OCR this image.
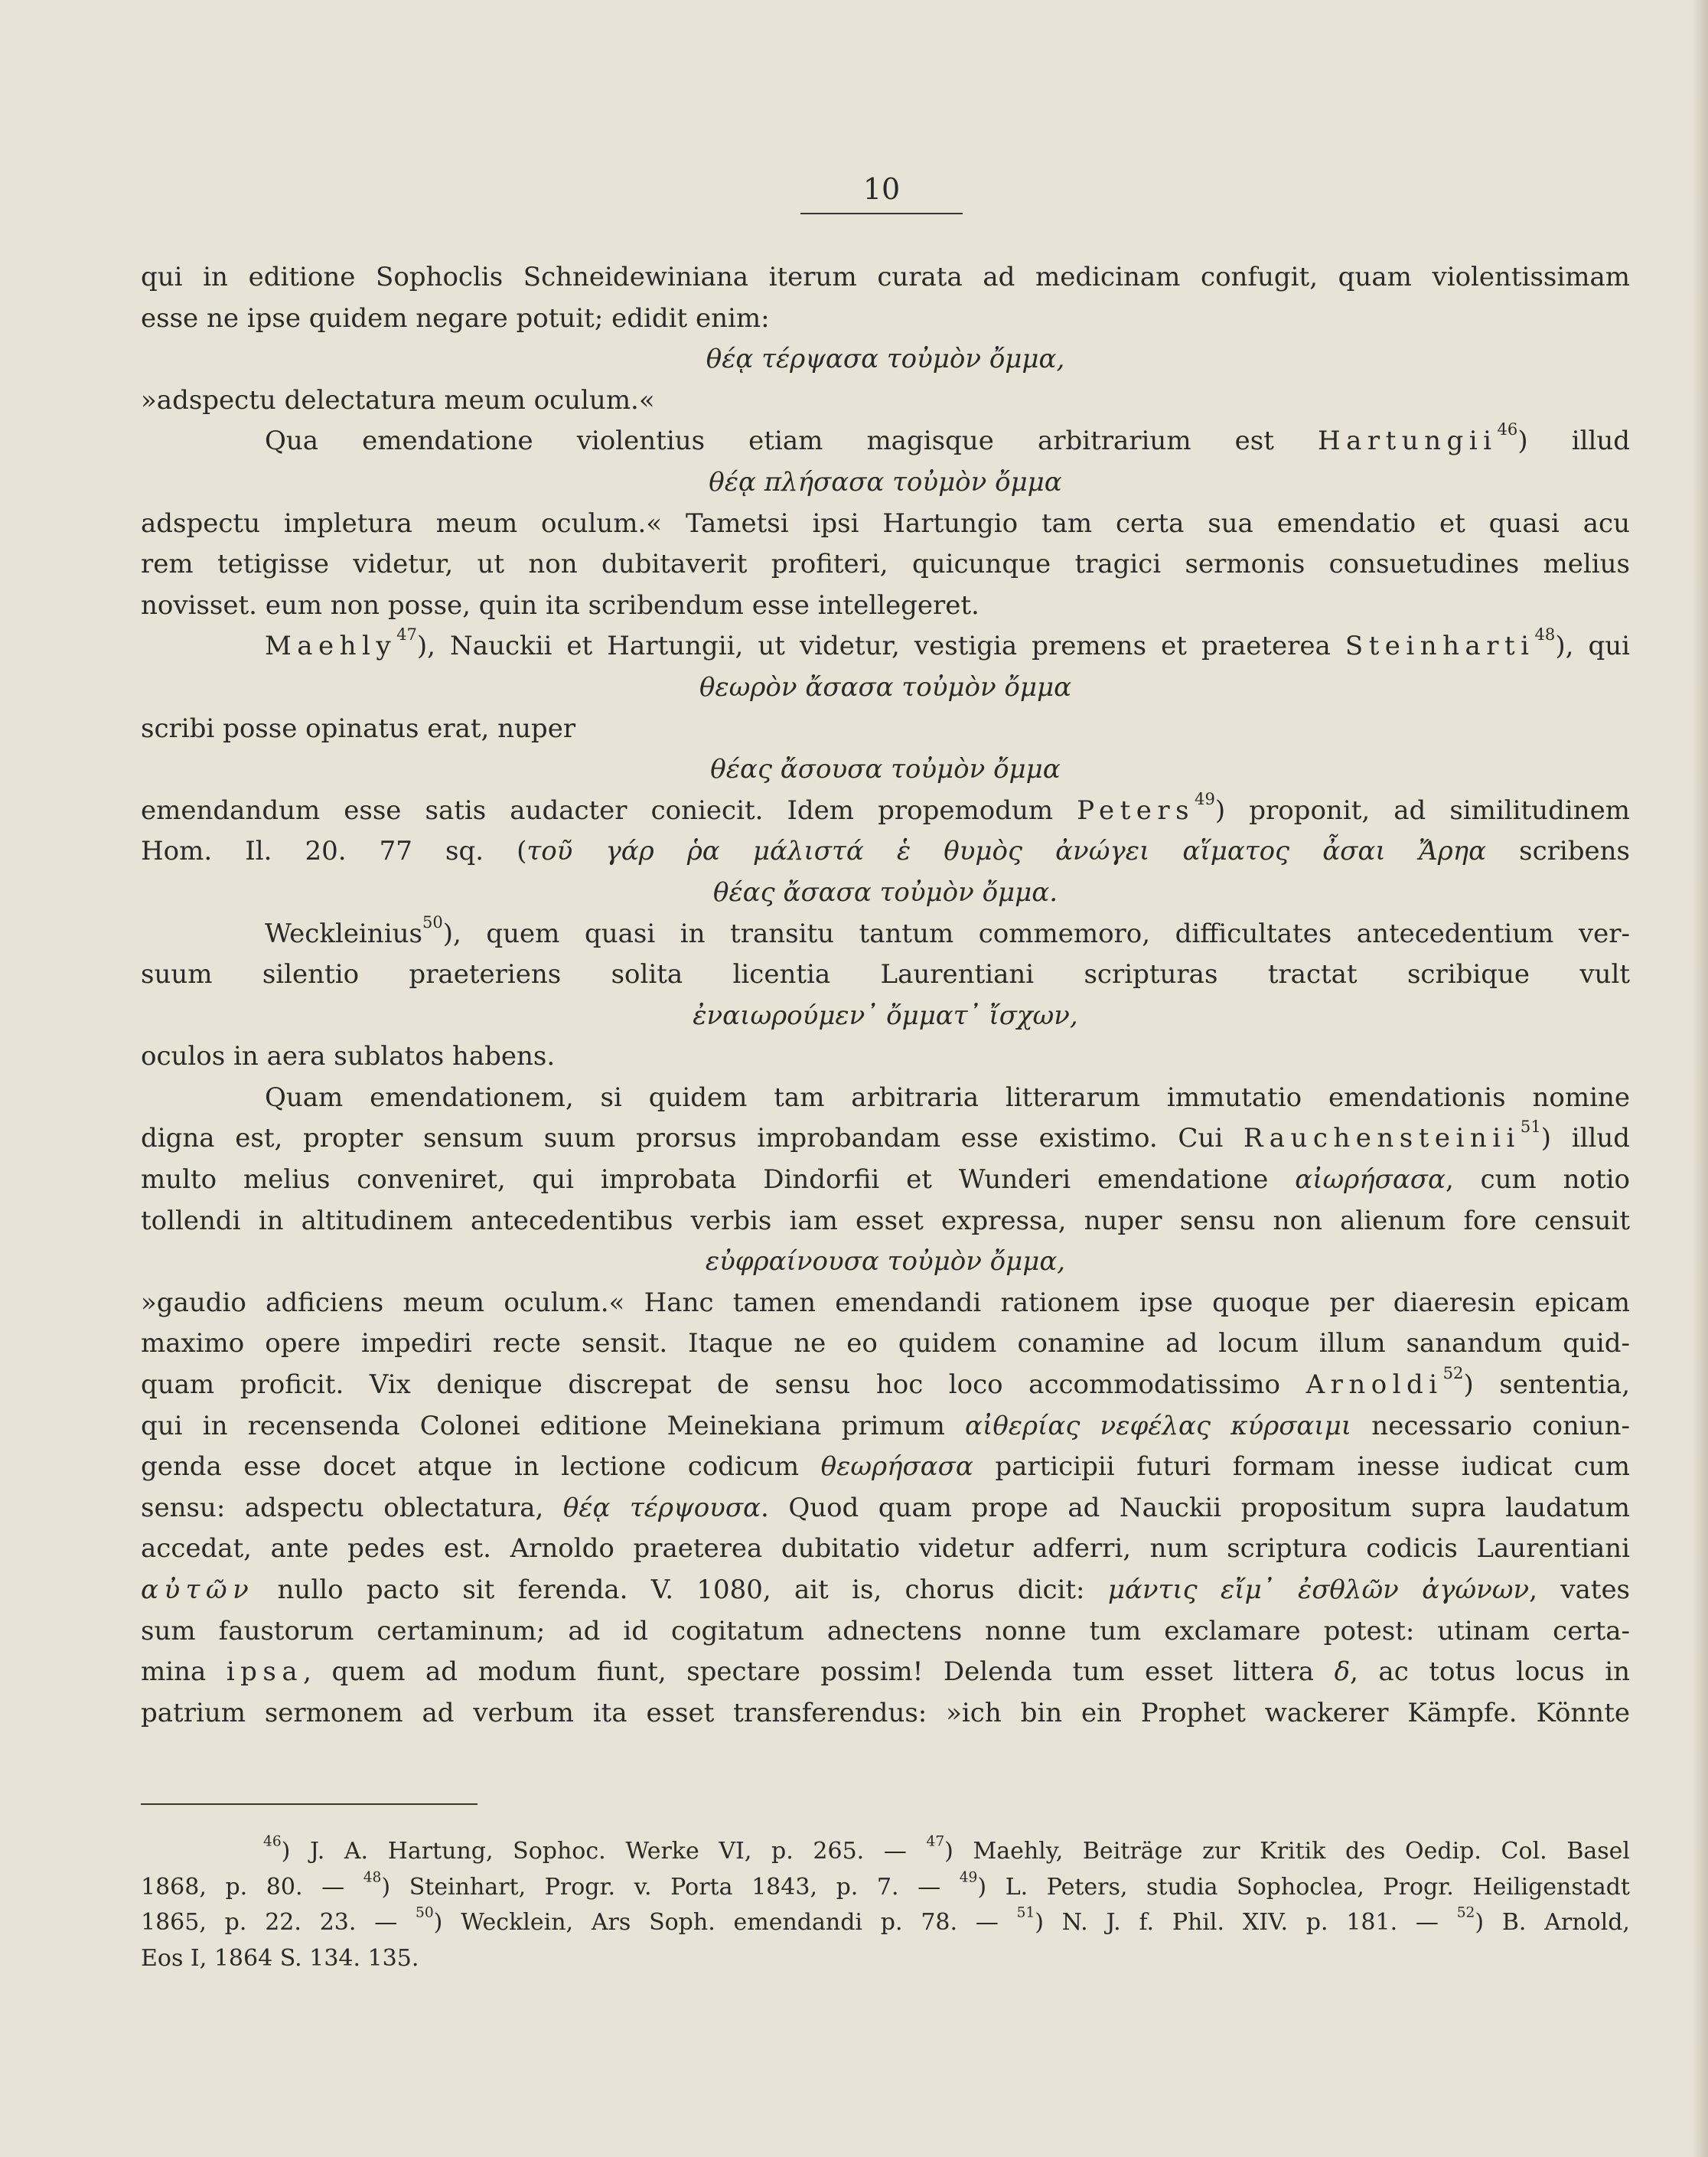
10

qui in editione Sophoclis Schneidewiniana iterum curata ad medicinam confugit, quam violentissimam

esse ne ipse quidem negare potuit; edidit enim:

θέᾳ τέρψασα τοὐμὸν ὄμμα,

»adspectu delectatura meum oculum.«

Qua emendatione violentius etiam magisque arbitrarium est Hartungii$^{46}$) illud

θέᾳ πλήσασα τοὐμὸν ὄμμα

adspectu impletura meum oculum.« Tametsi ipsi Hartungio tam certa sua emendatio et quasi acu

rem tetigisse videtur, ut non dubitaverit profiteri, quicunque tragici sermonis consuetudines melius

novisset. eum non posse, quin ita scribendum esse intellegeret.

Maehly$^{47}$), Nauckii et Hartungii, ut videtur, vestigia premens et praeterea Steinharti$^{48}$), qui

θεωρὸν ἄσασα τοὐμὸν ὄμμα

scribi posse opinatus erat, nuper

θέας ἄσουσα τοὐμὸν ὄμμα

emendandum esse satis audacter coniecit. Idem propemodum Peters$^{49}$) proponit, ad similitudinem

Hom. Il. 20. 77 sq. (τοῦ γάρ ῥα μάλιστά ἑ θυμὸς ἀνώγει αἵματος ἆσαι Ἄρηα scribens

θέας ἄσασα τοὐμὸν ὄμμα.

Weckleinius$^{50}$), quem quasi in transitu tantum commemoro, difficultates antecedentium ver-

suum silentio praeteriens solita licentia Laurentiani scripturas tractat scribique vult

ἐναιωρούμεν᾽ ὄμματ᾽ ἴσχων,

oculos in aera sublatos habens.

Quam emendationem, si quidem tam arbitraria litterarum immutatio emendationis nomine

digna est, propter sensum suum prorsus improbandam esse existimo. Cui Rauchensteinii$^{51}$) illud

multo melius conveniret, qui improbata Dindorfii et Wunderi emendatione αἰωρήσασα, cum notio

tollendi in altitudinem antecedentibus verbis iam esset expressa, nuper sensu non alienum fore censuit

εὐφραίνουσα τοὐμὸν ὄμμα,

»gaudio adficiens meum oculum.« Hanc tamen emendandi rationem ipse quoque per diaeresin epicam

maximo opere impediri recte sensit. Itaque ne eo quidem conamine ad locum illum sanandum quid-

quam proficit. Vix denique discrepat de sensu hoc loco accommodatissimo Arnoldi$^{52}$) sententia,

qui in recensenda Colonei editione Meinekiana primum αἰθερίας νεφέλας κύρσαιμι necessario coniun-

genda esse docet atque in lectione codicum θεωρήσασα participii futuri formam inesse iudicat cum

sensu: adspectu oblectatura, θέᾳ τέρψουσα. Quod quam prope ad Nauckii propositum supra laudatum

accedat, ante pedes est. Arnoldo praeterea dubitatio videtur adferri, num scriptura codicis Laurentiani

αὐτῶν nullo pacto sit ferenda. V. 1080, ait is, chorus dicit: μάντις εἴμ᾽ ἐσθλῶν ἀγώνων, vates

sum faustorum certaminum; ad id cogitatum adnectens nonne tum exclamare potest: utinam certa-

mina ipsa, quem ad modum fiunt, spectare possim! Delenda tum esset littera δ, ac totus locus in

patrium sermonem ad verbum ita esset transferendus: »ich bin ein Prophet wackerer Kämpfe. Könnte

$^{46}$) J. A. Hartung, Sophoc. Werke VI, p. 265. — $^{47}$) Maehly, Beiträge zur Kritik des Oedip. Col. Basel

1868, p. 80. — $^{48}$) Steinhart, Progr. v. Porta 1843, p. 7. — $^{49}$) L. Peters, studia Sophoclea, Progr. Heiligenstadt

1865, p. 22. 23. — $^{50}$) Wecklein, Ars Soph. emendandi p. 78. — $^{51}$) N. J. f. Phil. XIV. p. 181. — $^{52}$) B. Arnold,

Eos I, 1864 S. 134. 135.
